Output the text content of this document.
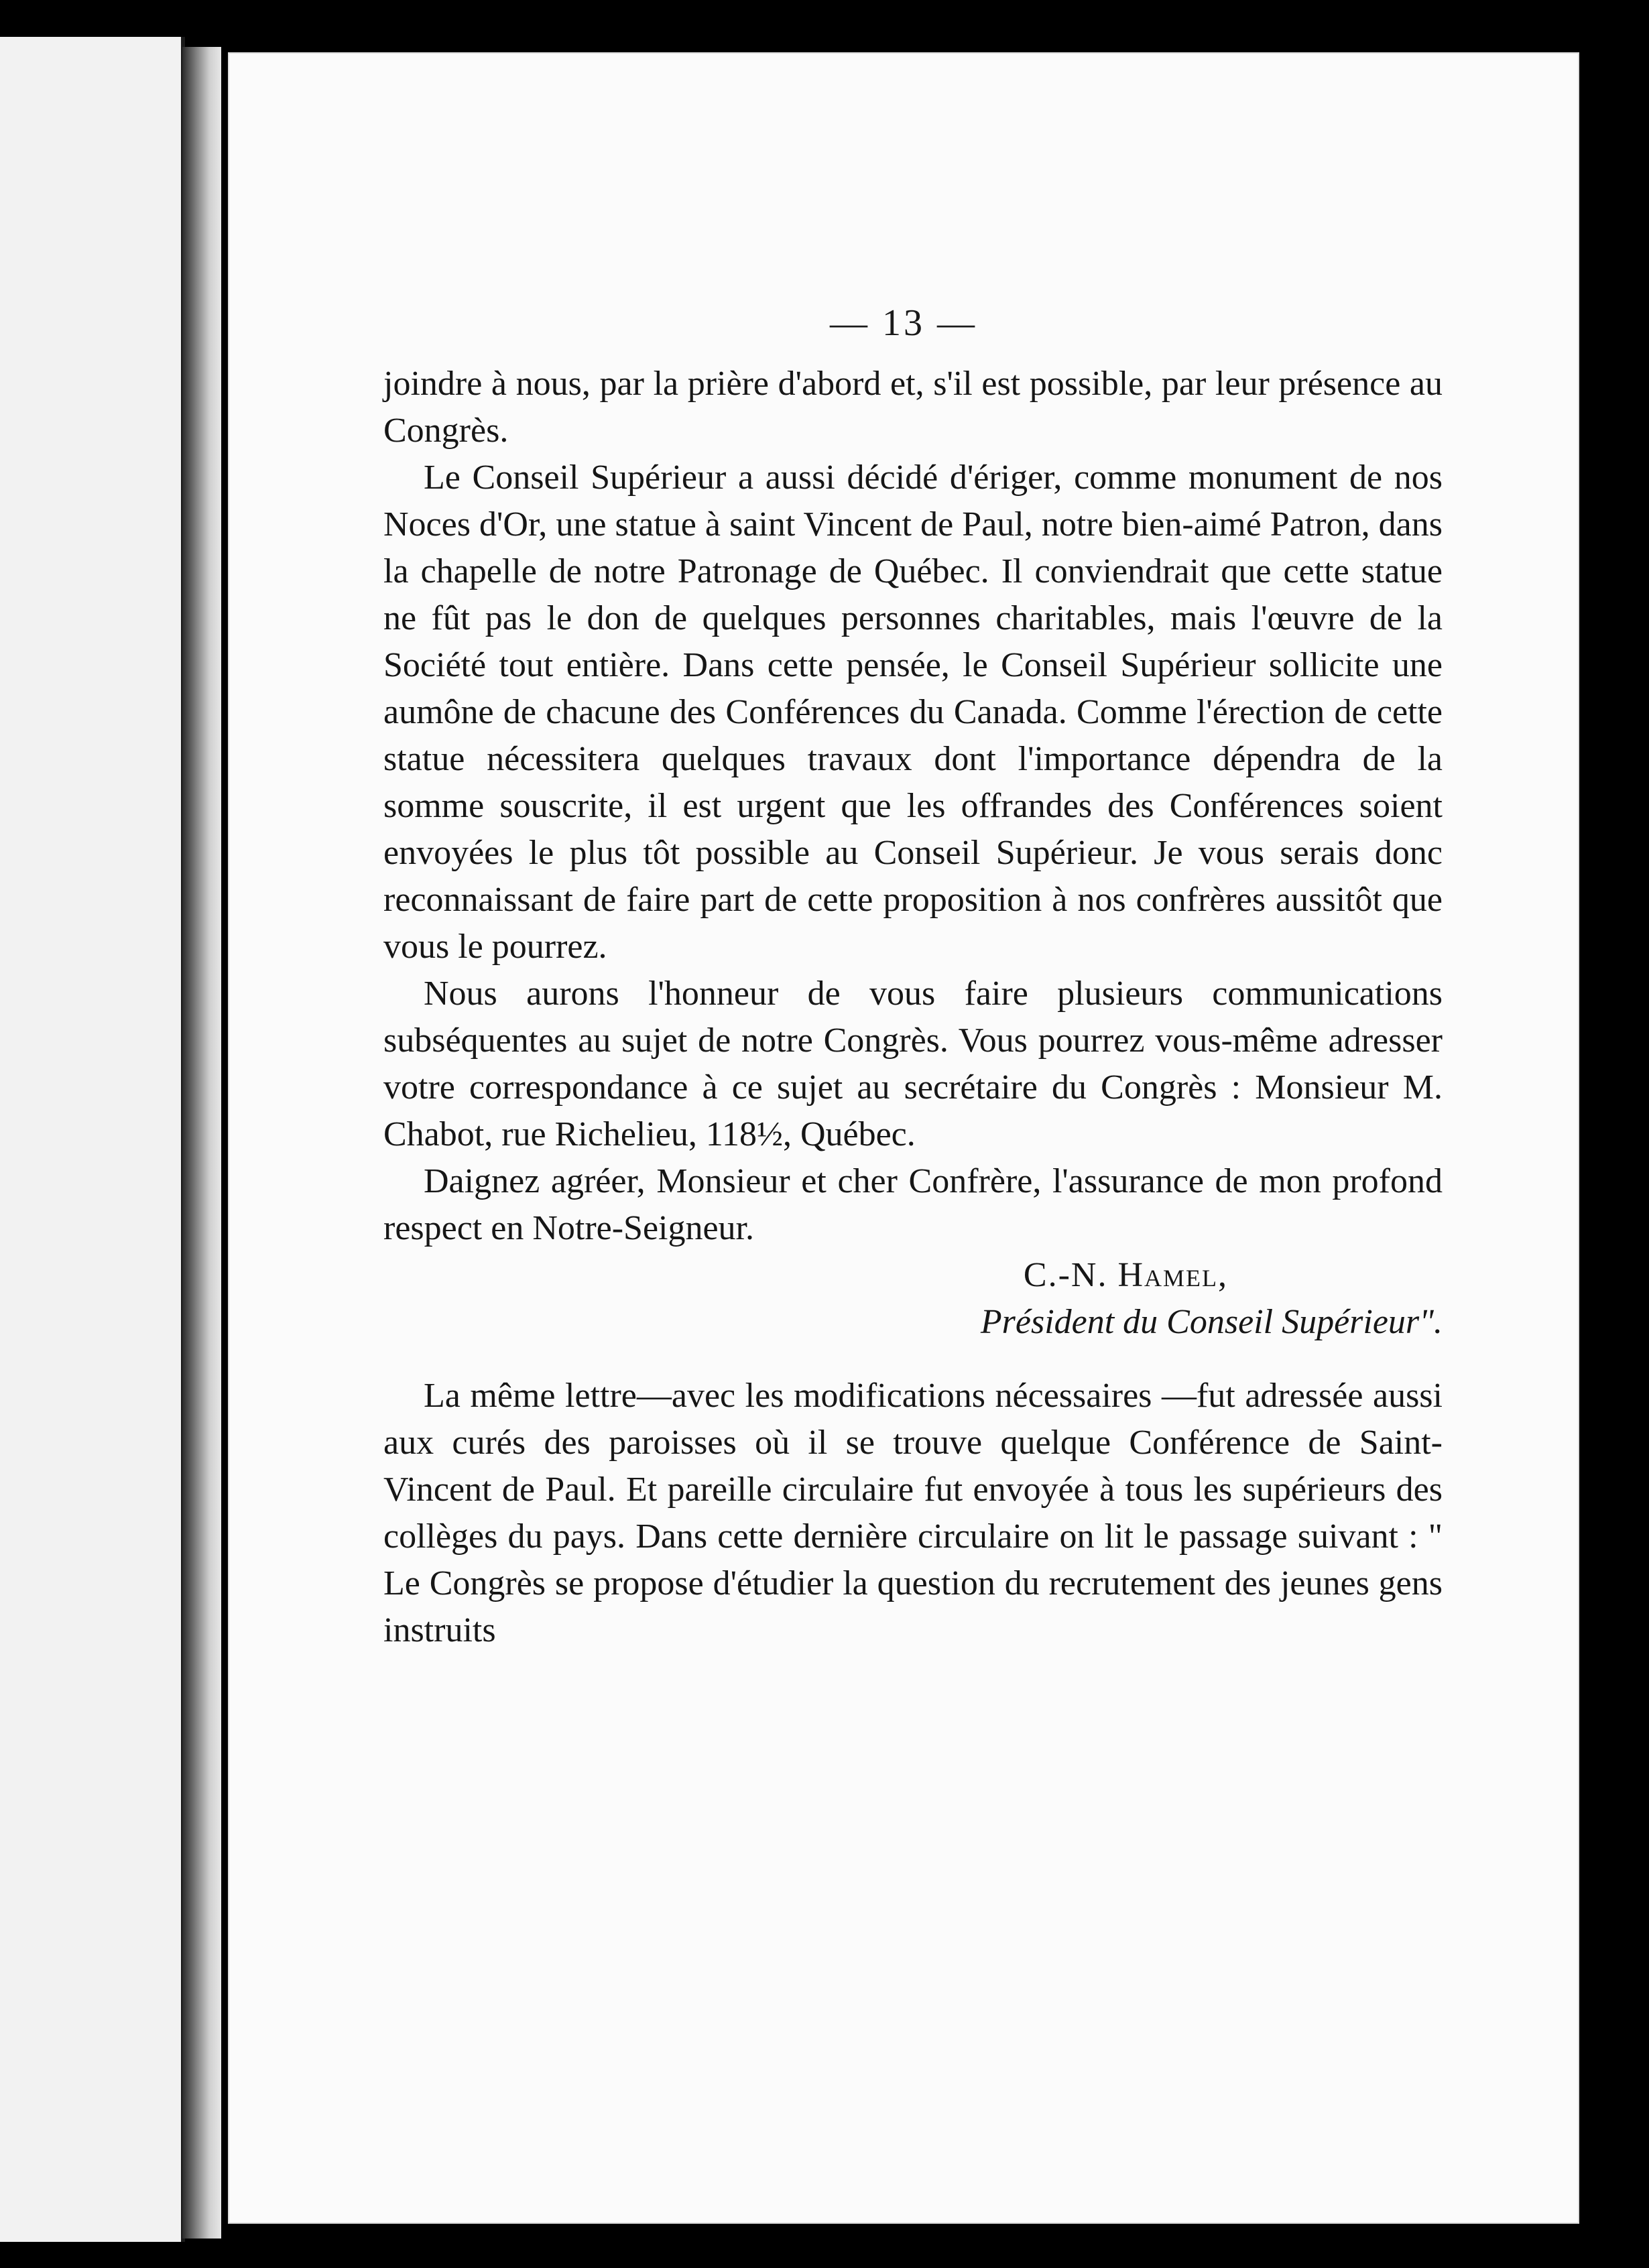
— 13 —

joindre à nous, par la prière d'abord et, s'il est possible, par leur présence au Congrès.

Le Conseil Supérieur a aussi décidé d'ériger, comme monument de nos Noces d'Or, une statue à saint Vincent de Paul, notre bien-aimé Patron, dans la chapelle de notre Patronage de Québec. Il conviendrait que cette statue ne fût pas le don de quelques personnes charitables, mais l'œuvre de la Société tout entière. Dans cette pensée, le Conseil Supérieur sollicite une aumône de chacune des Conférences du Canada. Comme l'érection de cette statue nécessitera quelques travaux dont l'importance dépendra de la somme souscrite, il est urgent que les offrandes des Conférences soient envoyées le plus tôt possible au Conseil Supérieur. Je vous serais donc reconnaissant de faire part de cette proposition à nos confrères aussitôt que vous le pourrez.

Nous aurons l'honneur de vous faire plusieurs communications subséquentes au sujet de notre Congrès. Vous pourrez vous-même adresser votre correspondance à ce sujet au secrétaire du Congrès : Monsieur M. Chabot, rue Richelieu, 118½, Québec.

Daignez agréer, Monsieur et cher Confrère, l'assurance de mon profond respect en Notre-Seigneur.

C.-N. Hamel,
Président du Conseil Supérieur".

La même lettre—avec les modifications nécessaires —fut adressée aussi aux curés des paroisses où il se trouve quelque Conférence de Saint-Vincent de Paul. Et pareille circulaire fut envoyée à tous les supérieurs des collèges du pays. Dans cette dernière circulaire on lit le passage suivant : " Le Congrès se propose d'étudier la question du recrutement des jeunes gens instruits
